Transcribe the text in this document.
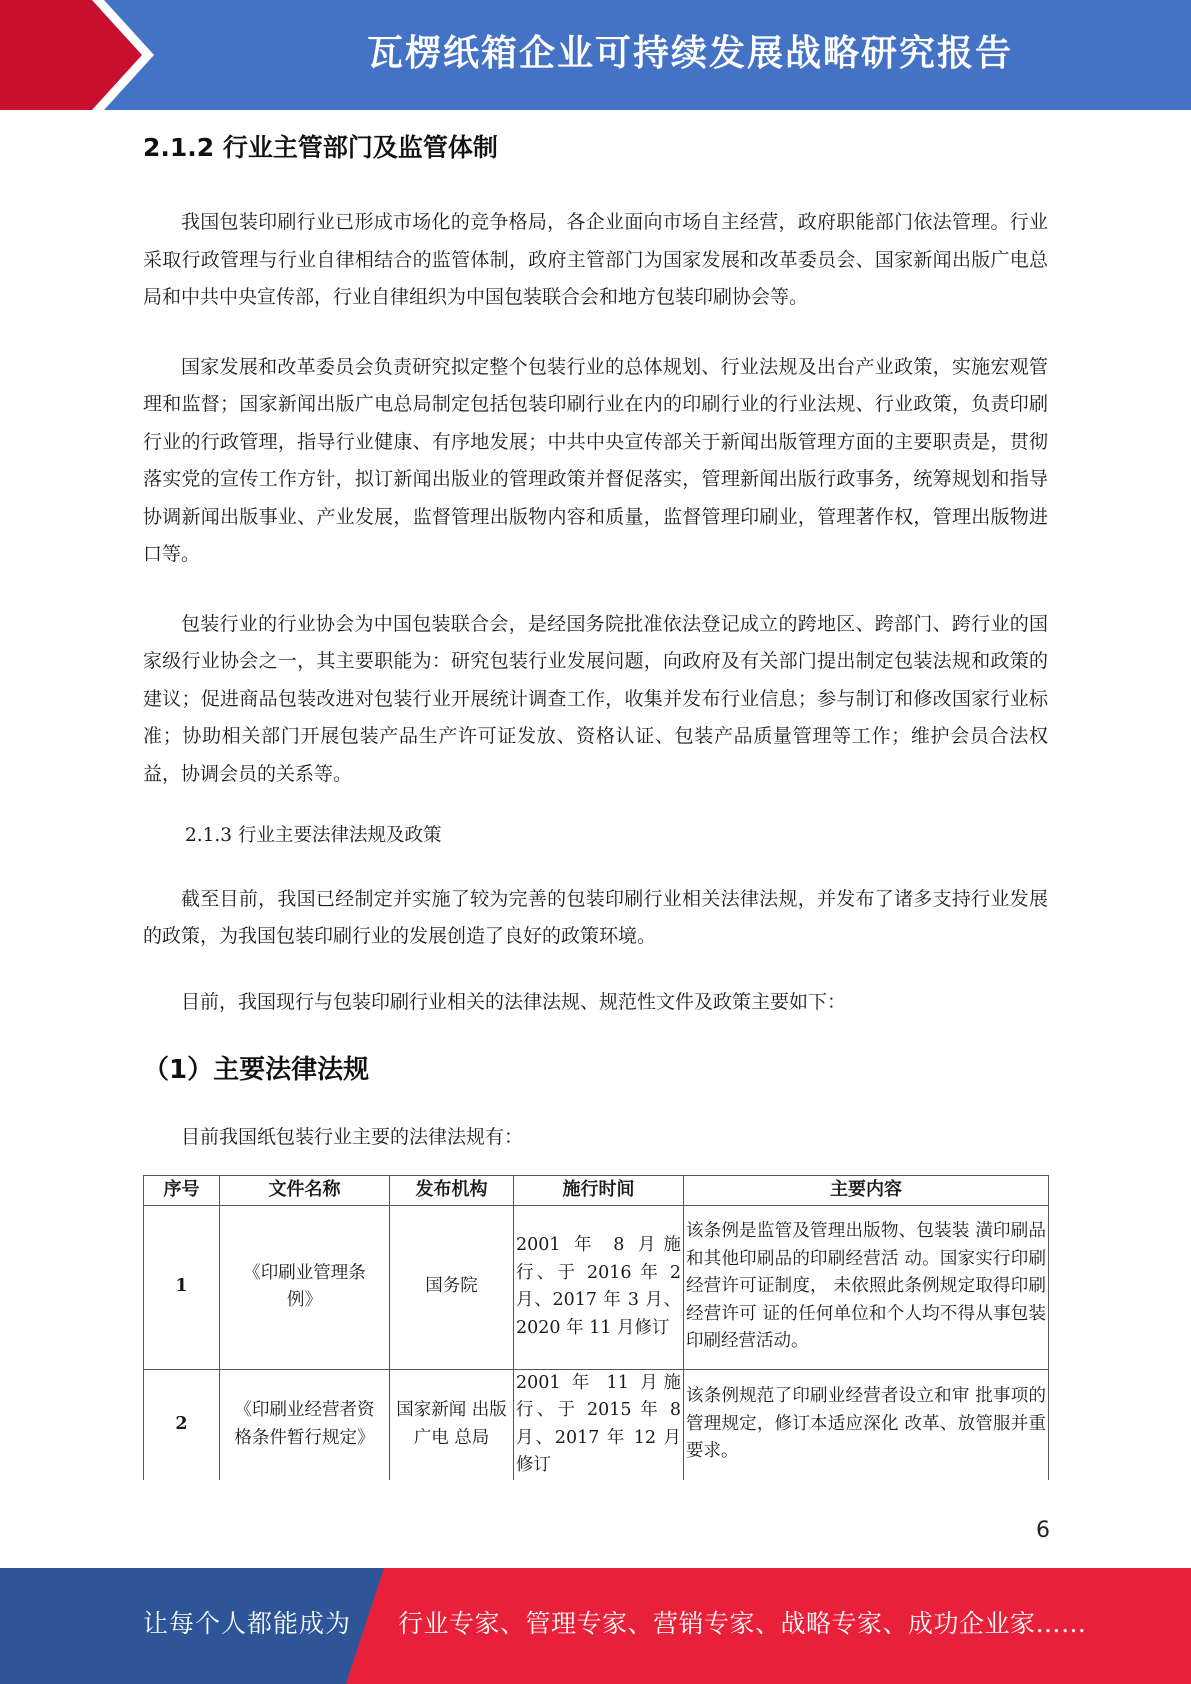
瓦楞纸箱企业可持续发展战略研究报告
2.1.2 行业主管部门及监管体制

我国包装印刷行业已形成市场化的竞争格局，各企业面向市场自主经营，政府职能部门依法管理。行业采取行政管理与行业自律相结合的监管体制，政府主管部门为国家发展和改革委员会、国家新闻出版广电总局和中共中央宣传部，行业自律组织为中国包装联合会和地方包装印刷协会等。

国家发展和改革委员会负责研究拟定整个包装行业的总体规划、行业法规及出台产业政策，实施宏观管理和监督；国家新闻出版广电总局制定包括包装印刷行业在内的印刷行业的行业法规、行业政策，负责印刷行业的行政管理，指导行业健康、有序地发展；中共中央宣传部关于新闻出版管理方面的主要职责是，贯彻落实党的宣传工作方针，拟订新闻出版业的管理政策并督促落实，管理新闻出版行政事务，统筹规划和指导协调新闻出版事业、产业发展，监督管理出版物内容和质量，监督管理印刷业，管理著作权，管理出版物进口等。

包装行业的行业协会为中国包装联合会，是经国务院批准依法登记成立的跨地区、跨部门、跨行业的国家级行业协会之一，其主要职能为：研究包装行业发展问题，向政府及有关部门提出制定包装法规和政策的建议；促进商品包装改进对包装行业开展统计调查工作，收集并发布行业信息；参与制订和修改国家行业标准；协助相关部门开展包装产品生产许可证发放、资格认证、包装产品质量管理等工作；维护会员合法权益，协调会员的关系等。

2.1.3 行业主要法律法规及政策

截至目前，我国已经制定并实施了较为完善的包装印刷行业相关法律法规，并发布了诸多支持行业发展的政策，为我国包装印刷行业的发展创造了良好的政策环境。

目前，我国现行与包装印刷行业相关的法律法规、规范性文件及政策主要如下：

（1）主要法律法规

目前我国纸包装行业主要的法律法规有：

序号	文件名称	发布机构	施行时间	主要内容
1	《印刷业管理条例》	国务院	2001 年 8 月施 行、于 2016 年 2 月、2017 年 3 月、2020 年 11 月修订	该条例是监管及管理出版物、包装装 潢印刷品和其他印刷品的印刷经营活 动。国家实行印刷经营许可证制度， 未依照此条例规定取得印刷经营许可 证的任何单位和个人均不得从事包装 印刷经营活动。
2	《印刷业经营者资格条件暂行规定》	国家新闻 出版广电 总局	2001 年 11 月施 行、于 2015 年 8 月、2017 年 12 月修订	该条例规范了印刷业经营者设立和审 批事项的管理规定，修订本适应深化 改革、放管服并重要求。
6
让每个人都能成为 行业专家、管理专家、营销专家、战略专家、成功企业家……
